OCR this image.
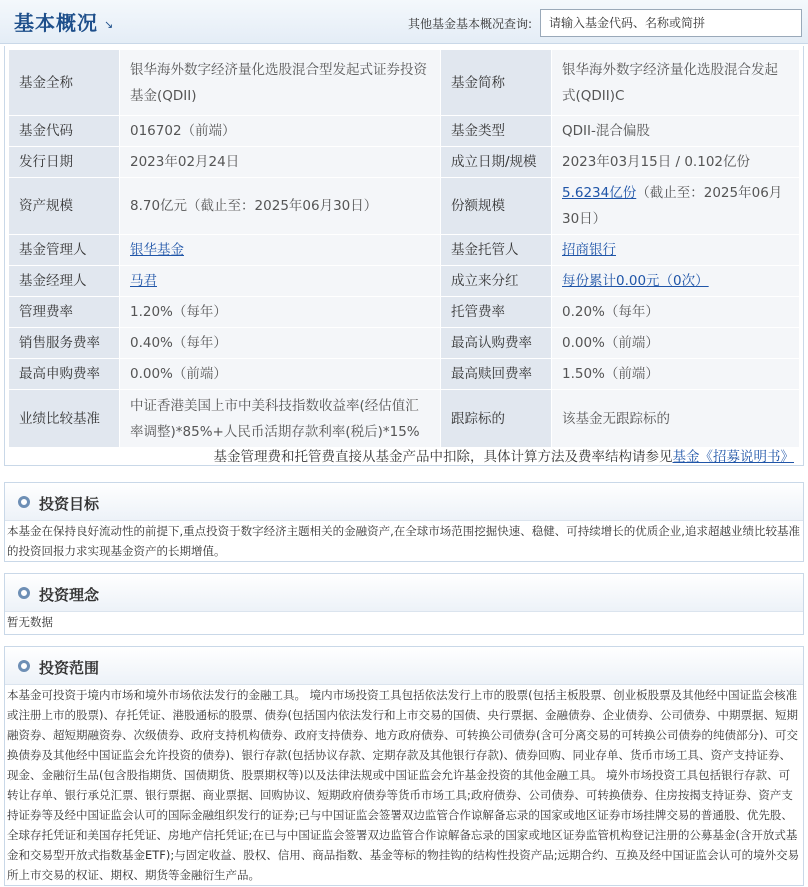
基本概况 ↘	其他基金基本概况查询:
请输入基金代码、名称或简拼
基金全称	银华海外数字经济量化选股混合型发起式证券投资基金(QDII)	基金简称	银华海外数字经济量化选股混合发起式(QDII)C
基金代码	016702（前端）	基金类型	QDII-混合偏股
发行日期	2023年02月24日	成立日期/规模	2023年03月15日 / 0.102亿份
资产规模	8.70亿元（截止至：2025年06月30日）	份额规模	5.6234亿份（截止至：2025年06月30日）
基金管理人	银华基金	基金托管人	招商银行
基金经理人	马君	成立来分红	每份累计0.00元（0次）
管理费率	1.20%（每年）	托管费率	0.20%（每年）
销售服务费率	0.40%（每年）	最高认购费率	0.00%（前端）
最高申购费率	0.00%（前端）	最高赎回费率	1.50%（前端）
业绩比较基准	中证香港美国上市中美科技指数收益率(经估值汇率调整)*85%+人民币活期存款利率(税后)*15%	跟踪标的	该基金无跟踪标的
基金管理费和托管费直接从基金产品中扣除，具体计算方法及费率结构请参见基金《招募说明书》
投资目标
本基金在保持良好流动性的前提下,重点投资于数字经济主题相关的金融资产,在全球市场范围挖掘快速、稳健、可持续增长的优质企业,追求超越业绩比较基准的投资回报力求实现基金资产的长期增值。
投资理念
暂无数据
投资范围
本基金可投资于境内市场和境外市场依法发行的金融工具。 境内市场投资工具包括依法发行上市的股票(包括主板股票、创业板股票及其他经中国证监会核准或注册上市的股票)、存托凭证、港股通标的股票、债券(包括国内依法发行和上市交易的国债、央行票据、金融债券、企业债券、公司债券、中期票据、短期融资券、超短期融资券、次级债券、政府支持机构债券、政府支持债券、地方政府债券、可转换公司债券(含可分离交易的可转换公司债券的纯债部分)、可交换债券及其他经中国证监会允许投资的债券)、银行存款(包括协议存款、定期存款及其他银行存款)、债券回购、同业存单、货币市场工具、资产支持证券、现金、金融衍生品(包含股指期货、国债期货、股票期权等)以及法律法规或中国证监会允许基金投资的其他金融工具。 境外市场投资工具包括银行存款、可转让存单、银行承兑汇票、银行票据、商业票据、回购协议、短期政府债券等货币市场工具;政府债券、公司债券、可转换债券、住房按揭支持证券、资产支持证券等及经中国证监会认可的国际金融组织发行的证券;已与中国证监会签署双边监管合作谅解备忘录的国家或地区证券市场挂牌交易的普通股、优先股、全球存托凭证和美国存托凭证、房地产信托凭证;在已与中国证监会签署双边监管合作谅解备忘录的国家或地区证券监管机构登记注册的公募基金(含开放式基金和交易型开放式指数基金ETF);与固定收益、股权、信用、商品指数、基金等标的物挂钩的结构性投资产品;远期合约、互换及经中国证监会认可的境外交易所上市交易的权证、期权、期货等金融衍生产品。
